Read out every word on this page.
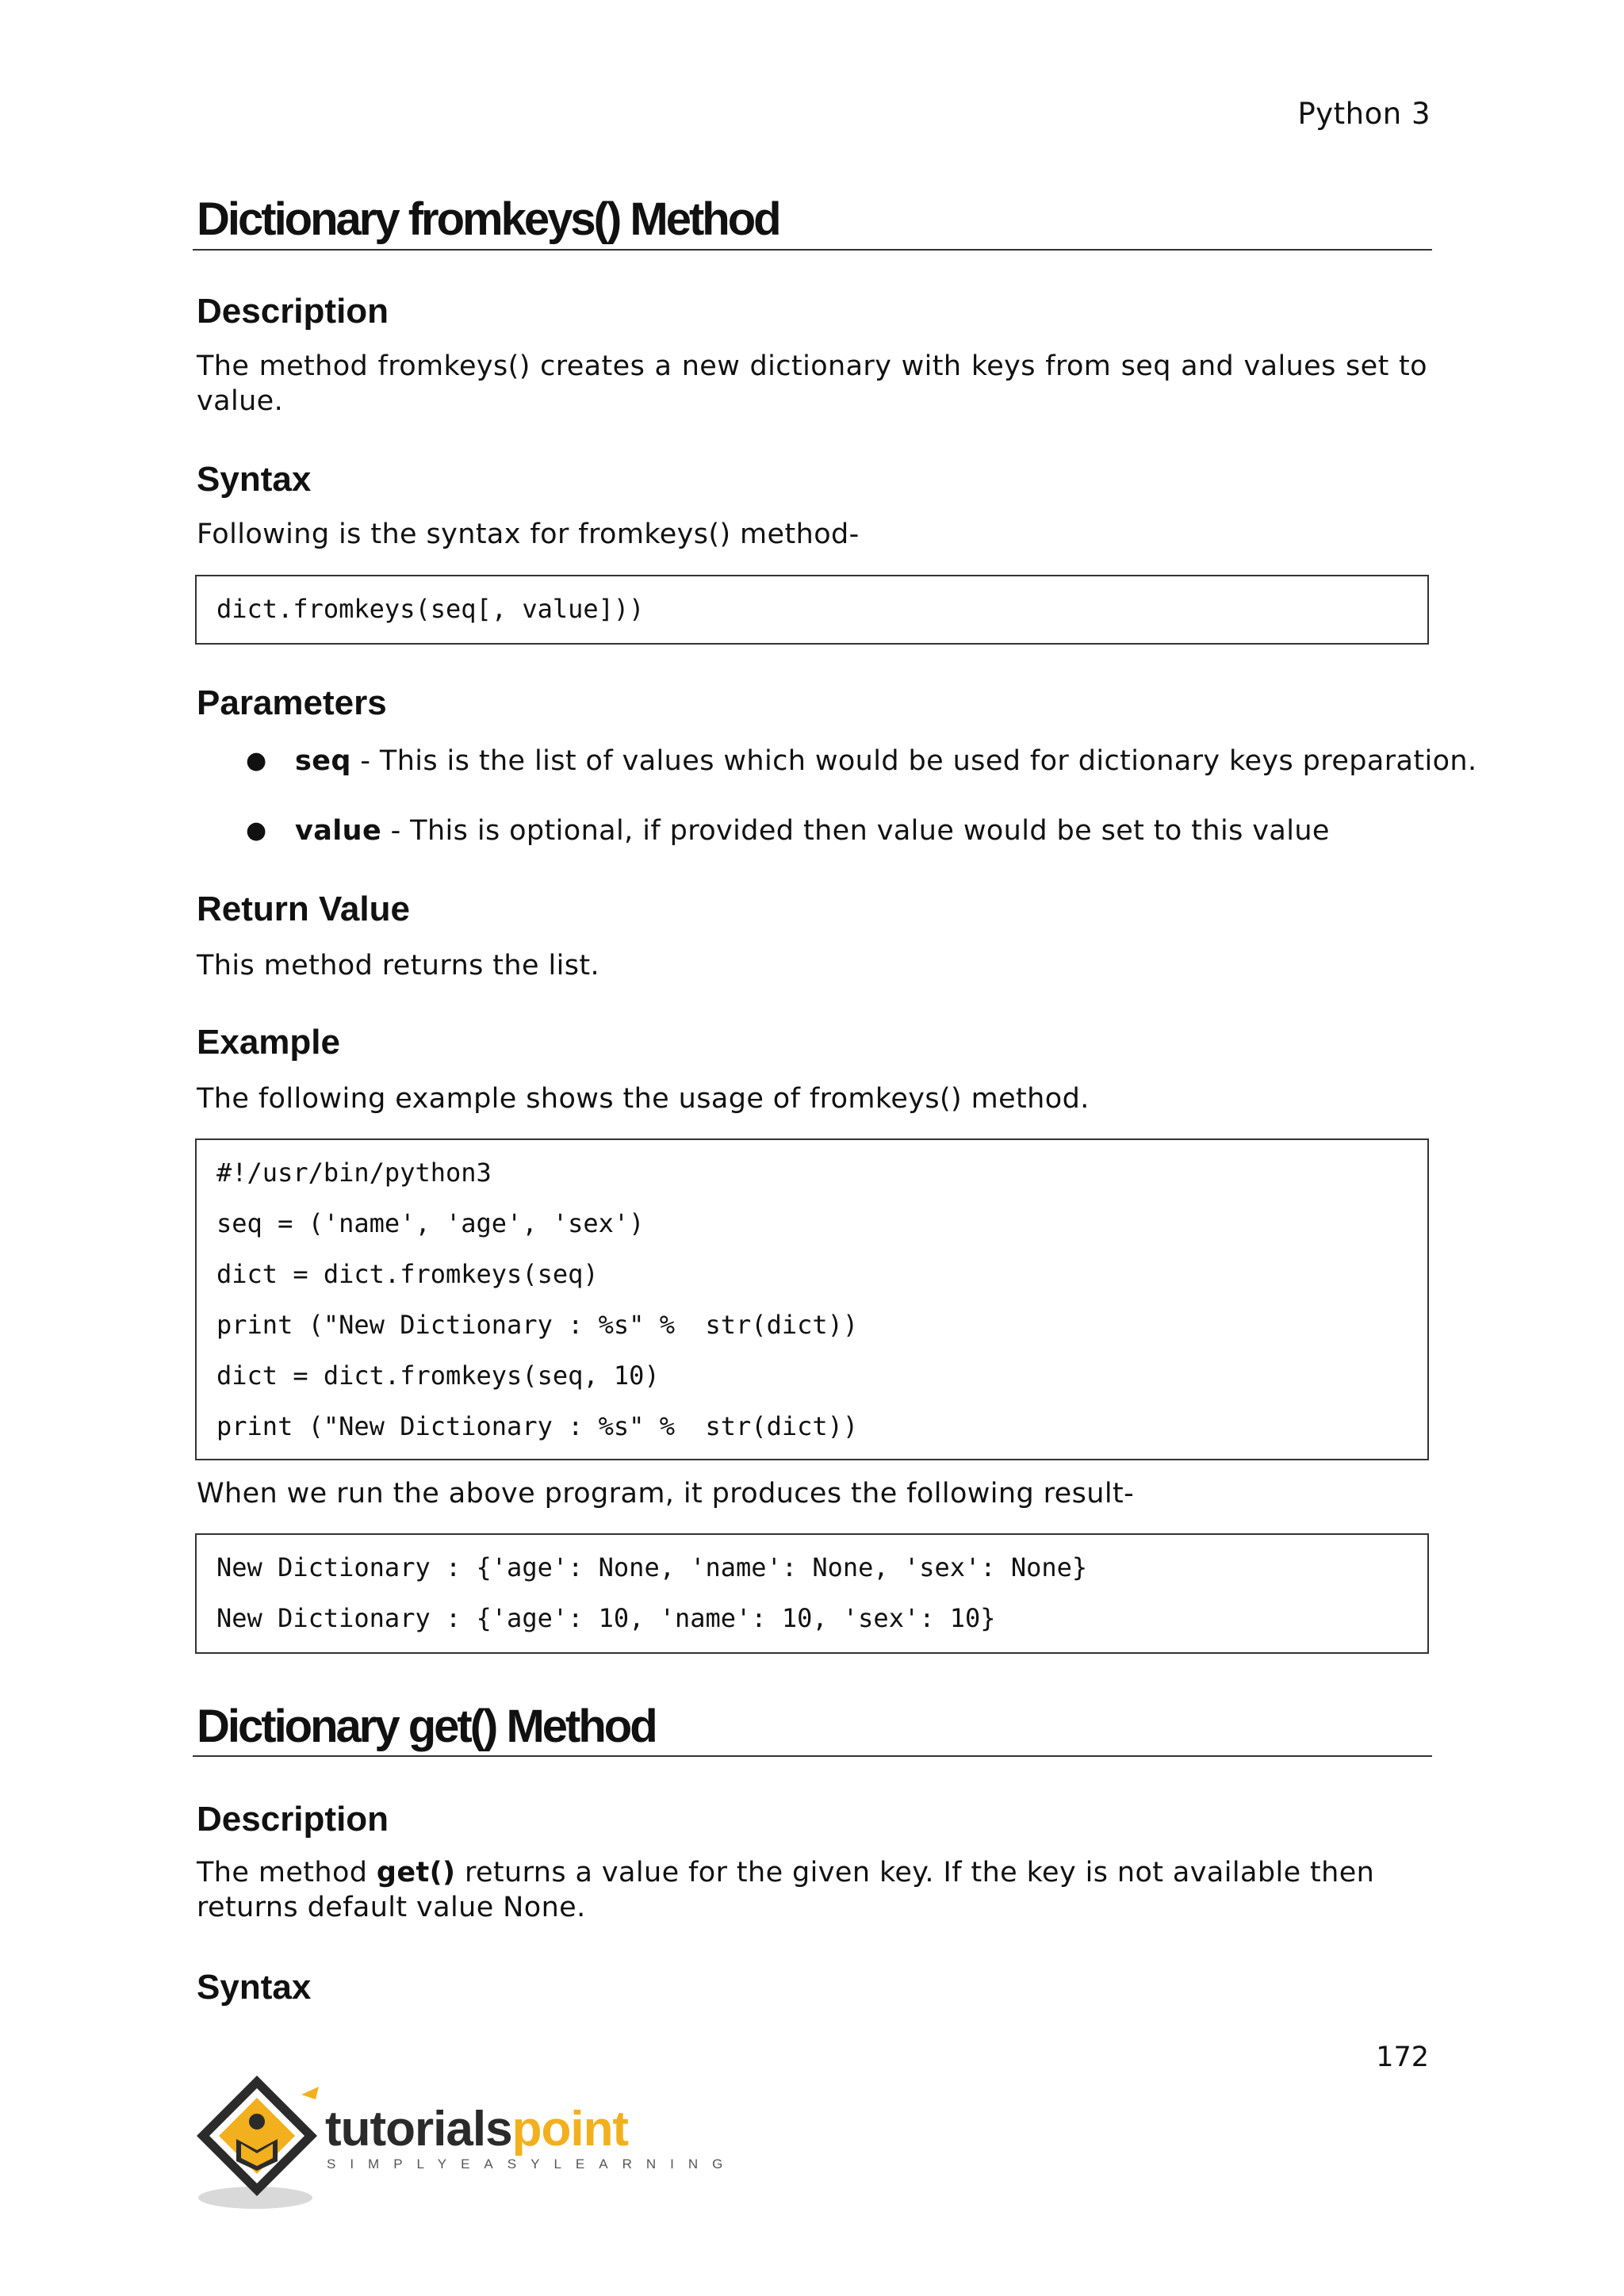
Python 3
Dictionary fromkeys() Method
Description
The method fromkeys() creates a new dictionary with keys from seq and values set to value.
Syntax
Following is the syntax for fromkeys() method-
dict.fromkeys(seq[, value]))
Parameters
● seq - This is the list of values which would be used for dictionary keys preparation.
● value - This is optional, if provided then value would be set to this value
Return Value
This method returns the list.
Example
The following example shows the usage of fromkeys() method.
#!/usr/bin/python3
seq = ('name', 'age', 'sex')
dict = dict.fromkeys(seq)
print ("New Dictionary : %s" %  str(dict))
dict = dict.fromkeys(seq, 10)
print ("New Dictionary : %s" %  str(dict))
When we run the above program, it produces the following result-
New Dictionary : {'age': None, 'name': None, 'sex': None}
New Dictionary : {'age': 10, 'name': 10, 'sex': 10}
Dictionary get() Method
Description
The method get() returns a value for the given key. If the key is not available then returns default value None.
Syntax
172
tutorialspoint
SIMPLYEASYLEARNING
